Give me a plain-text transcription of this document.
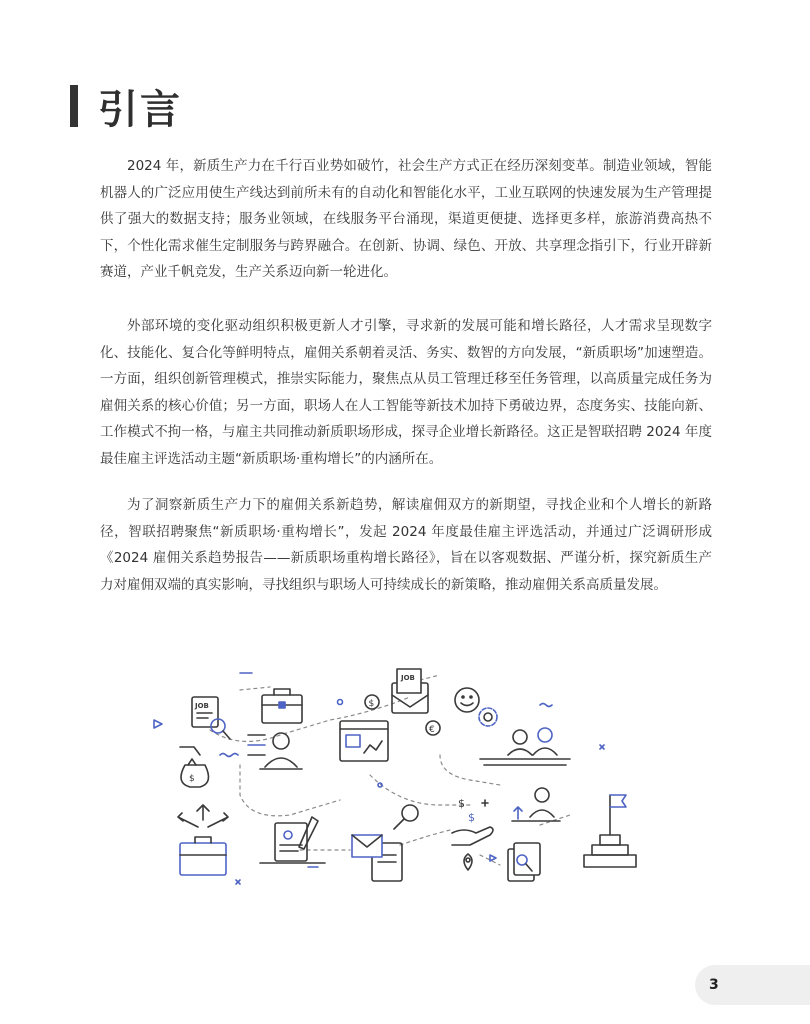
引言

2024 年，新质生产力在千行百业势如破竹，社会生产方式正在经历深刻变革。制造业领域，智能机器人的广泛应用使生产线达到前所未有的自动化和智能化水平，工业互联网的快速发展为生产管理提供了强大的数据支持；服务业领域，在线服务平台涌现，渠道更便捷、选择更多样，旅游消费高热不下，个性化需求催生定制服务与跨界融合。在创新、协调、绿色、开放、共享理念指引下，行业开辟新赛道，产业千帆竞发，生产关系迈向新一轮进化。

外部环境的变化驱动组织积极更新人才引擎，寻求新的发展可能和增长路径，人才需求呈现数字化、技能化、复合化等鲜明特点，雇佣关系朝着灵活、务实、数智的方向发展，“新质职场”加速塑造。一方面，组织创新管理模式，推崇实际能力，聚焦点从员工管理迁移至任务管理，以高质量完成任务为雇佣关系的核心价值；另一方面，职场人在人工智能等新技术加持下勇破边界，态度务实、技能向新、工作模式不拘一格，与雇主共同推动新质职场形成，探寻企业增长新路径。这正是智联招聘 2024 年度最佳雇主评选活动主题“新质职场·重构增长”的内涵所在。

为了洞察新质生产力下的雇佣关系新趋势，解读雇佣双方的新期望，寻找企业和个人增长的新路径，智联招聘聚焦“新质职场·重构增长”，发起 2024 年度最佳雇主评选活动，并通过广泛调研形成《2024 雇佣关系趋势报告——新质职场重构增长路径》，旨在以客观数据、严谨分析，探究新质生产力对雇佣双端的真实影响，寻找组织与职场人可持续成长的新策略，推动雇佣关系高质量发展。

JOB	$
JOB
$
€
$
$
3
